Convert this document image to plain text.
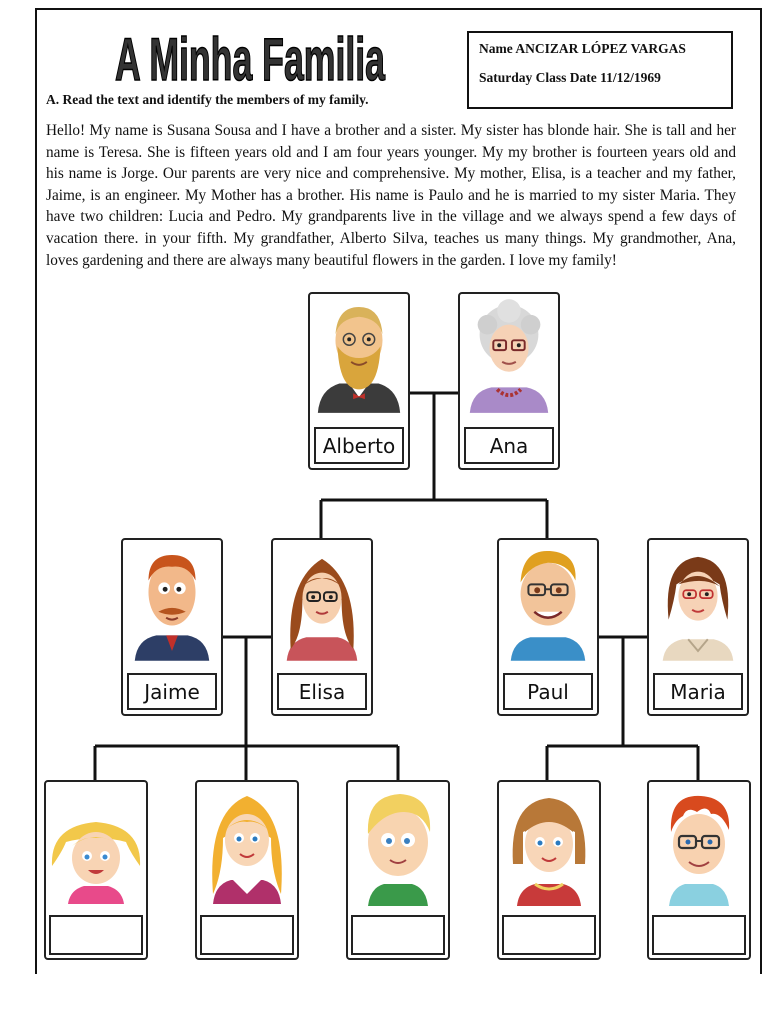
A Minha Familia

A. Read the text and identify the members of my family.

Name ANCIZAR LÓPEZ VARGAS
Saturday Class Date 11/12/1969

Hello! My name is Susana Sousa and I have a brother and a sister. My sister has blonde hair. She is tall and her name is Teresa. She is fifteen years old and I am four years younger. My my brother is fourteen years old and his name is Jorge. Our parents are very nice and comprehensive. My mother, Elisa, is a teacher and my father, Jaime, is an engineer. My Mother has a brother. His name is Paulo and he is married to my sister Maria. They have two children: Lucia and Pedro. My grandparents live in the village and we always spend a few days of vacation there. in your fifth. My grandfather, Alberto Silva, teaches us many things. My grandmother, Ana, loves gardening and there are always many beautiful flowers in the garden. I love my family!

Alberto	Ana
Jaime	Elisa	Paul	Maria
